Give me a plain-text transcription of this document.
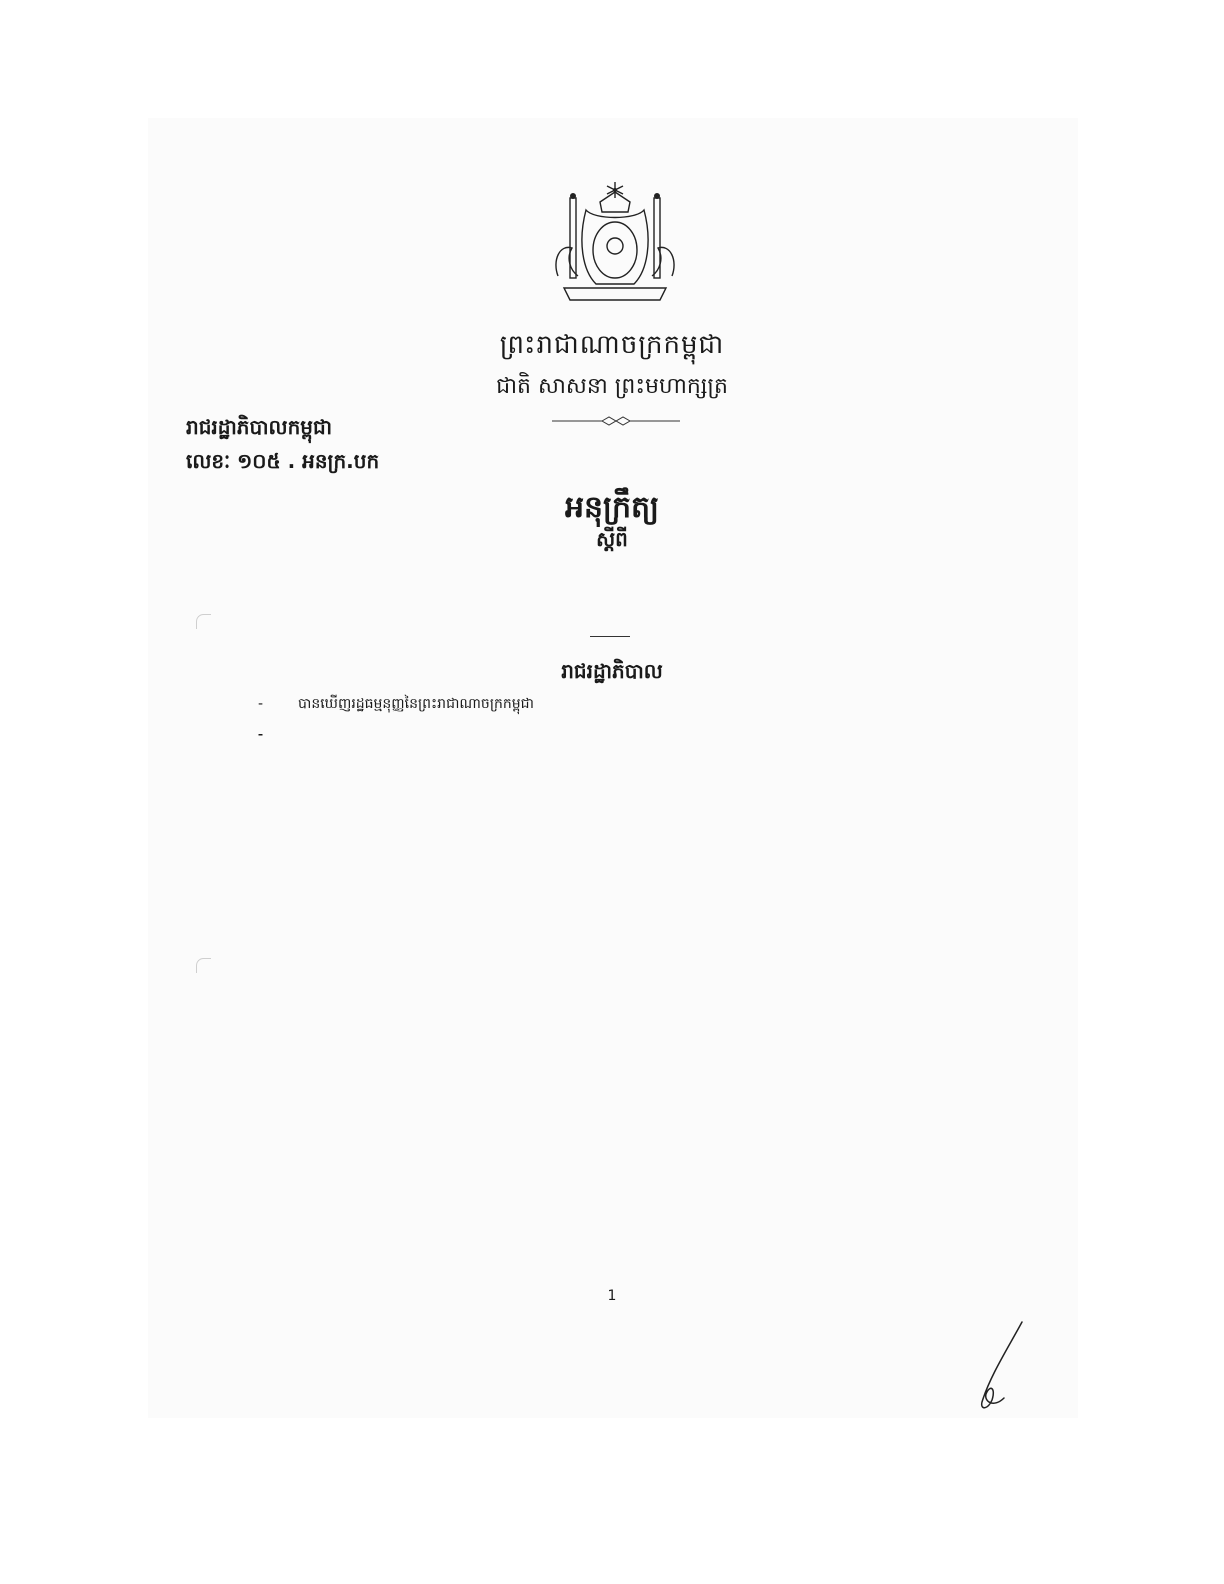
ព្រះរាជាណាចក្រកម្ពុជា
ជាតិ សាសនា ព្រះមហាក្សត្រ
រាជរដ្ឋាភិបាលកម្ពុជា
លេខៈ ១០៥ . អនក្រ.បក
អនុក្រឹត្យ
ស្តីពី
រាជរដ្ឋាភិបាល
- បានឃើញរដ្ឋធម្មនុញ្ញនៃព្រះរាជាណាចក្រកម្ពុជា
1
